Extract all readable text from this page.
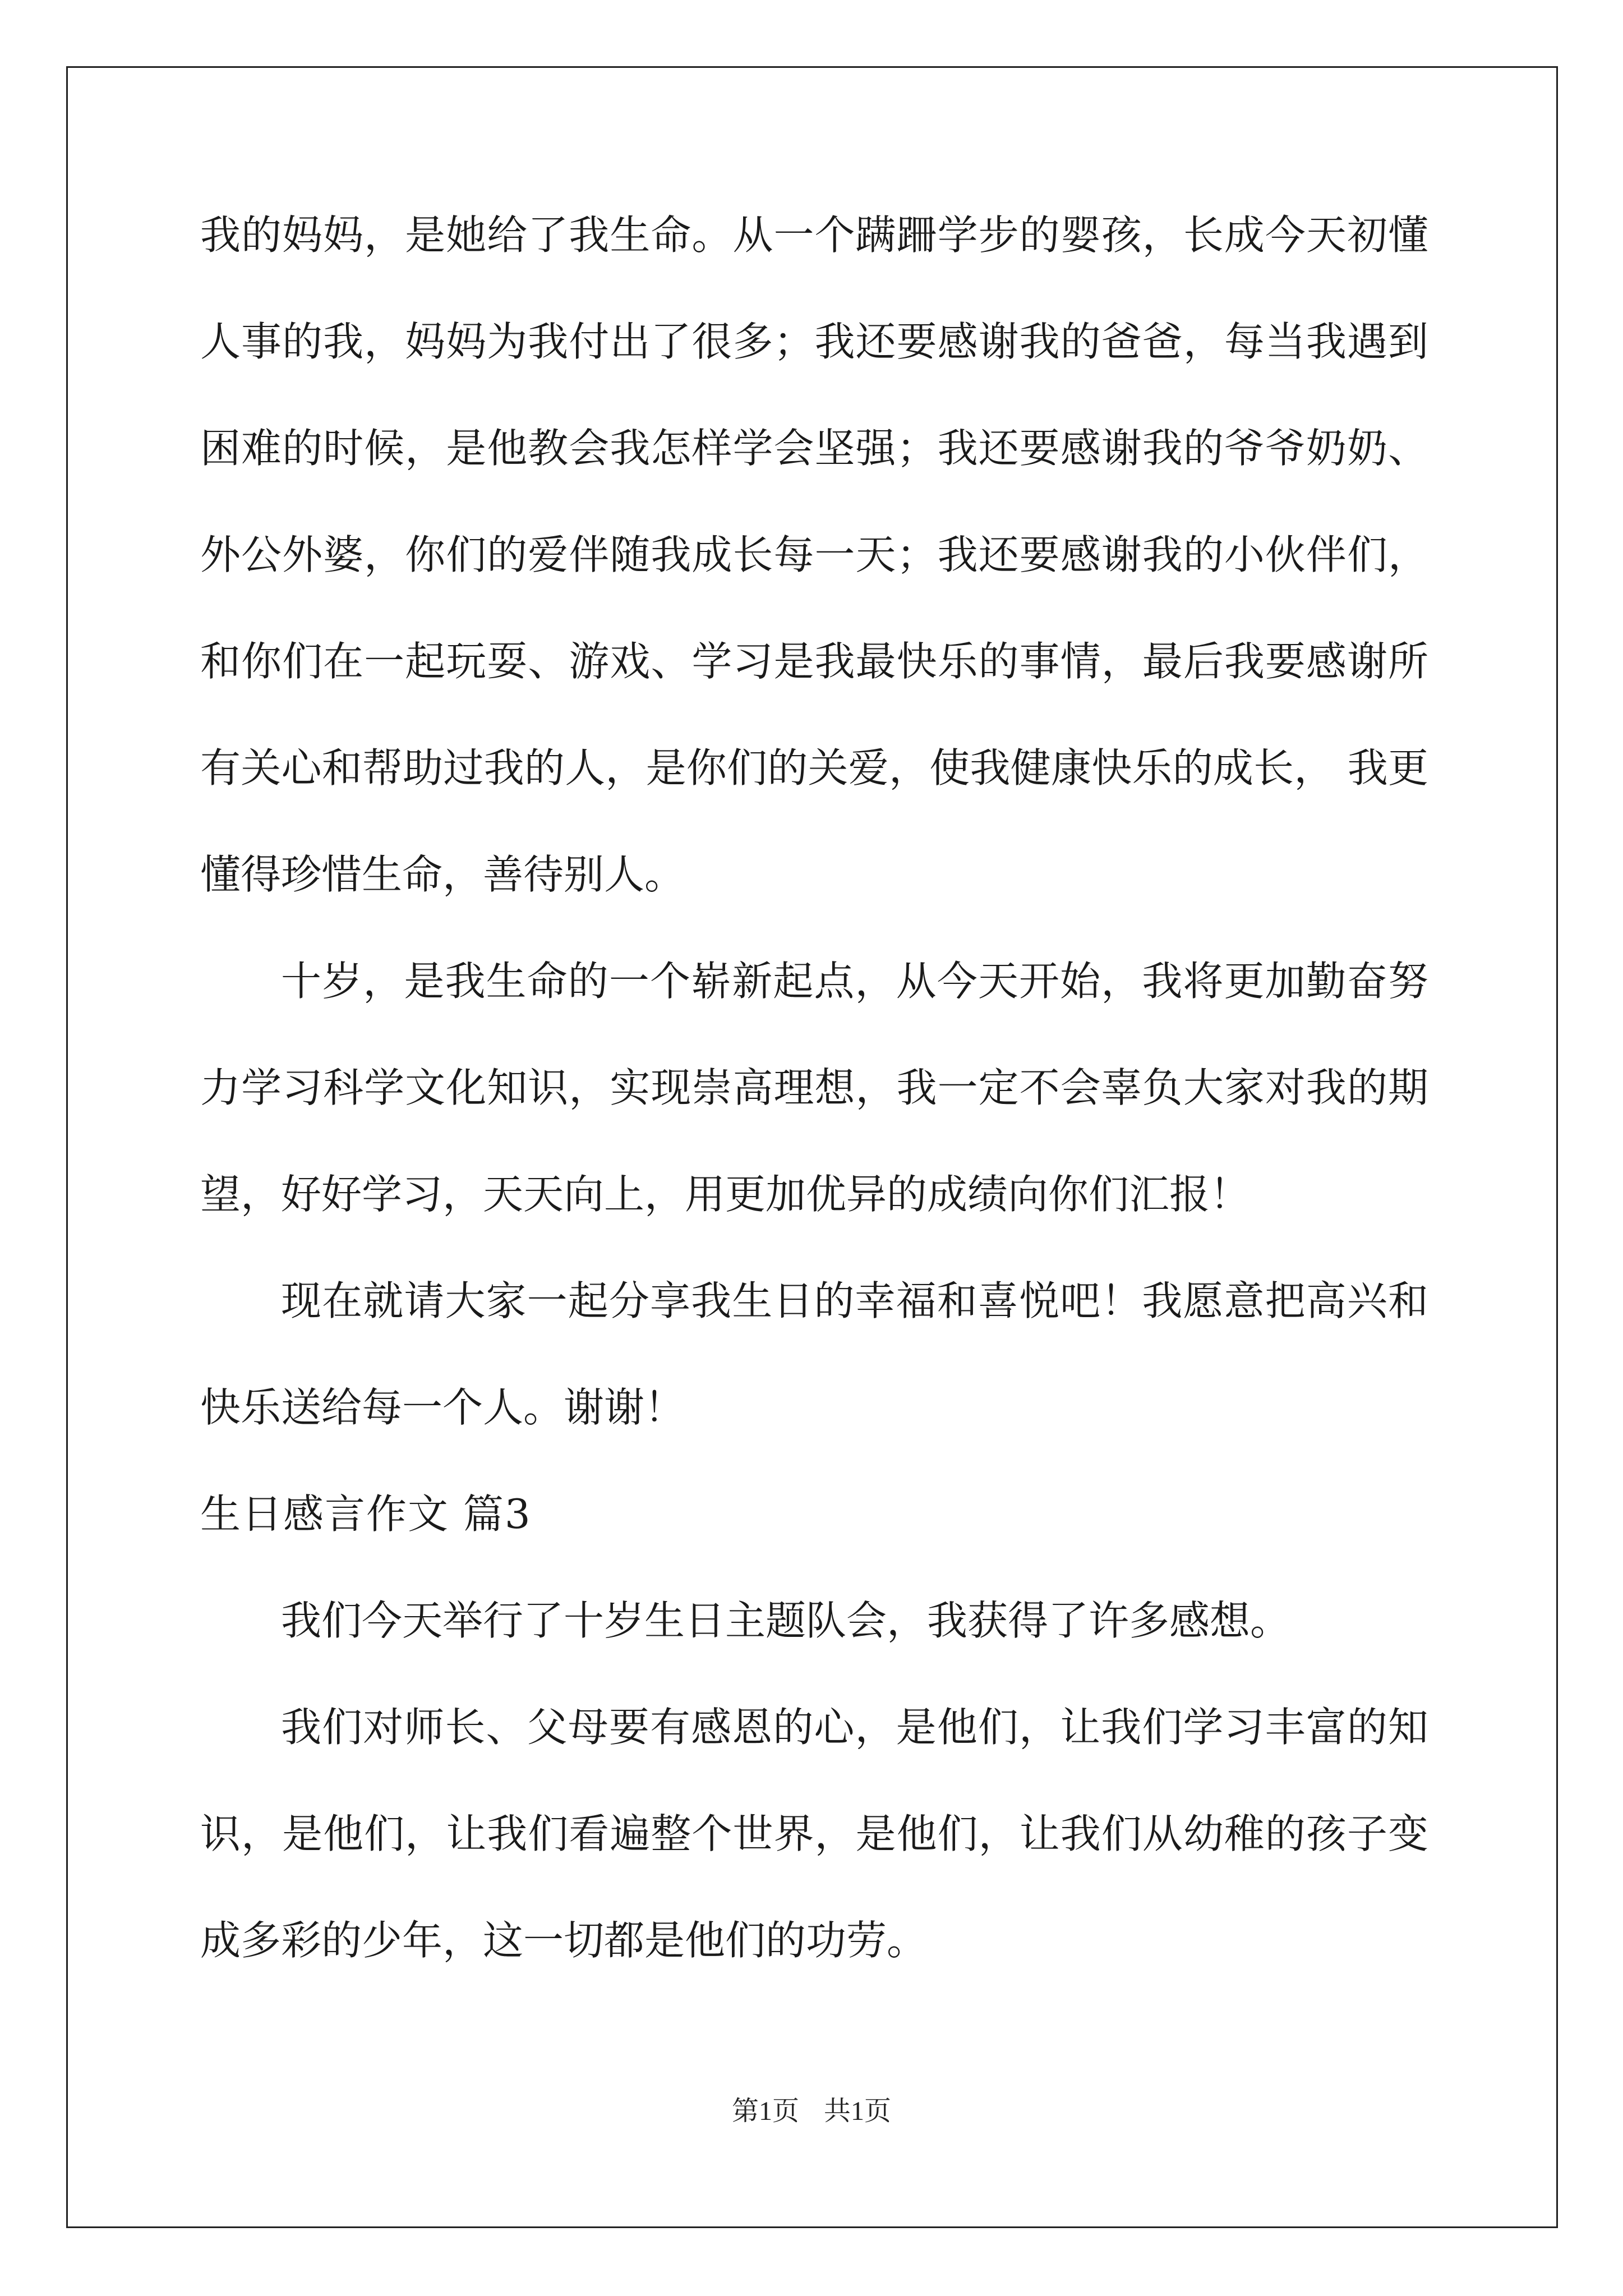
我的妈妈，是她给了我生命。从一个蹒跚学步的婴孩，长成今天初懂
人事的我，妈妈为我付出了很多；我还要感谢我的爸爸，每当我遇到
困难的时候，是他教会我怎样学会坚强；我还要感谢我的爷爷奶奶、
外公外婆，你们的爱伴随我成长每一天；我还要感谢我的小伙伴们，
和你们在一起玩耍、游戏、学习是我最快乐的事情，最后我要感谢所
有关心和帮助过我的人，是你们的关爱，使我健康快乐的成长， 我更
懂得珍惜生命，善待别人。
十岁，是我生命的一个崭新起点，从今天开始，我将更加勤奋努
力学习科学文化知识，实现崇高理想，我一定不会辜负大家对我的期
望，好好学习，天天向上，用更加优异的成绩向你们汇报！
现在就请大家一起分享我生日的幸福和喜悦吧！我愿意把高兴和
快乐送给每一个人。谢谢！
生日感言作文 篇3
我们今天举行了十岁生日主题队会，我获得了许多感想。
我们对师长、父母要有感恩的心，是他们，让我们学习丰富的知
识，是他们，让我们看遍整个世界，是他们，让我们从幼稚的孩子变
成多彩的少年，这一切都是他们的功劳。
第1页 共1页
